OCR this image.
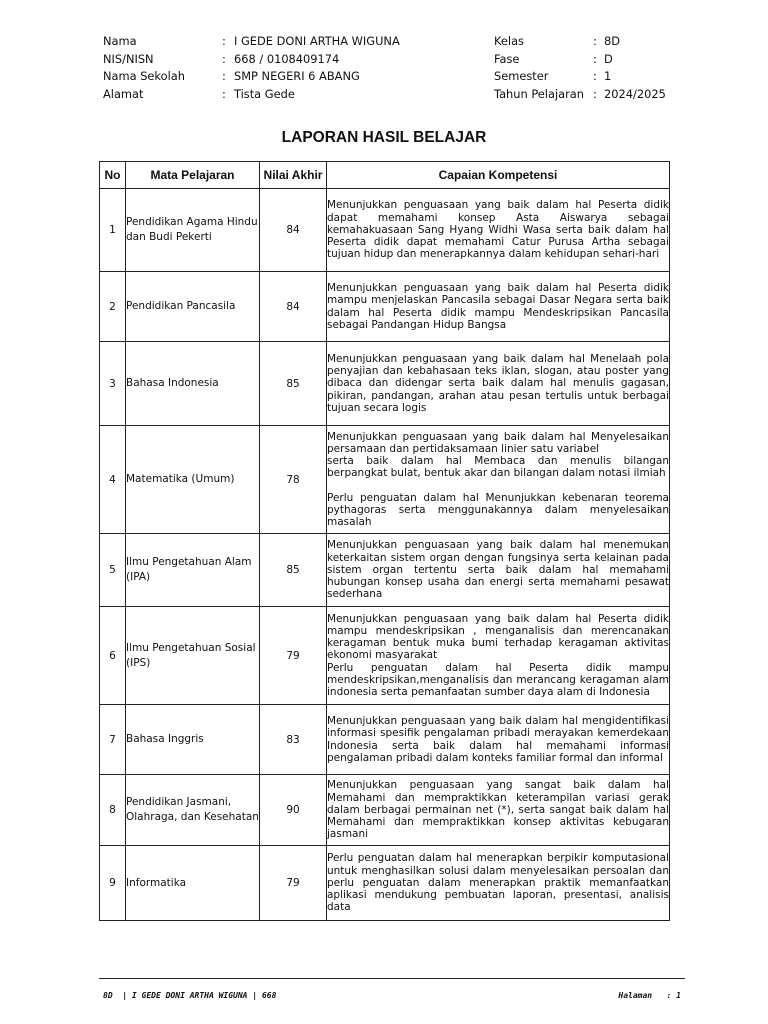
Nama	: I GEDE DONI ARTHA WIGUNA
NIS/NISN	: 668 / 0108409174
Nama Sekolah	: SMP NEGERI 6 ABANG
Alamat	: Tista Gede
Kelas	: 8D
Fase	: D
Semester	: 1
Tahun Pelajaran : 2024/2025
LAPORAN HASIL BELAJAR
No	Mata Pelajaran	Nilai Akhir	Capaian Kompetensi
1	Pendidikan Agama Hindu dan Budi Pekerti	84	Menunjukkan penguasaan yang baik dalam hal Peserta didik dapat memahami konsep Asta Aiswarya sebagai kemahakuasaan Sang Hyang Widhi Wasa serta baik dalam hal Peserta didik dapat memahami Catur Purusa Artha sebagai tujuan hidup dan menerapkannya dalam kehidupan sehari-hari

2	Pendidikan Pancasila	84	Menunjukkan penguasaan yang baik dalam hal Peserta didik mampu menjelaskan Pancasila sebagai Dasar Negara serta baik dalam hal Peserta didik mampu Mendeskripsikan Pancasila sebagai Pandangan Hidup Bangsa

3	Bahasa Indonesia	85	Menunjukkan penguasaan yang baik dalam hal Menelaah pola penyajian dan kebahasaan teks iklan, slogan, atau poster yang dibaca dan didengar serta baik dalam hal menulis gagasan, pikiran, pandangan, arahan atau pesan tertulis untuk berbagai tujuan secara logis

4	Matematika (Umum)	78	Menunjukkan penguasaan yang baik dalam hal Menyelesaikan persamaan dan pertidaksamaan linier satu variabel
serta baik dalam hal Membaca dan menulis bilangan berpangkat bulat, bentuk akar dan bilangan dalam notasi ilmiah

Perlu penguatan dalam hal Menunjukkan kebenaran teorema pythagoras serta menggunakannya dalam menyelesaikan masalah

5	Ilmu Pengetahuan Alam (IPA)	85	Menunjukkan penguasaan yang baik dalam hal menemukan keterkaitan sistem organ dengan fungsinya serta kelainan pada sistem organ tertentu serta baik dalam hal memahami hubungan konsep usaha dan energi serta memahami pesawat sederhana

6	Ilmu Pengetahuan Sosial (IPS)	79	Menunjukkan penguasaan yang baik dalam hal Peserta didik mampu mendeskripsikan , menganalisis dan merencanakan keragaman bentuk muka bumi terhadap keragaman aktivitas ekonomi masyarakat
Perlu penguatan dalam hal Peserta didik mampu mendeskripsikan,menganalisis dan merancang keragaman alam indonesia serta pemanfaatan sumber daya alam di Indonesia

7	Bahasa Inggris	83	Menunjukkan penguasaan yang baik dalam hal mengidentifikasi informasi spesifik pengalaman pribadi merayakan kemerdekaan Indonesia serta baik dalam hal memahami informasi pengalaman pribadi dalam konteks familiar formal dan informal

8	Pendidikan Jasmani, Olahraga, dan Kesehatan	90	Menunjukkan penguasaan yang sangat baik dalam hal Memahami dan mempraktikkan keterampilan variasi gerak dalam berbagai permainan net (*), serta sangat baik dalam hal Memahami dan mempraktikkan konsep aktivitas kebugaran jasmani

9	Informatika	79	Perlu penguatan dalam hal menerapkan berpikir komputasional untuk menghasilkan solusi dalam menyelesaikan persoalan dan perlu penguatan dalam menerapkan praktik memanfaatkan aplikasi mendukung pembuatan laporan, presentasi, analisis data

8D  | I GEDE DONI ARTHA WIGUNA | 668	Halaman   : 1
